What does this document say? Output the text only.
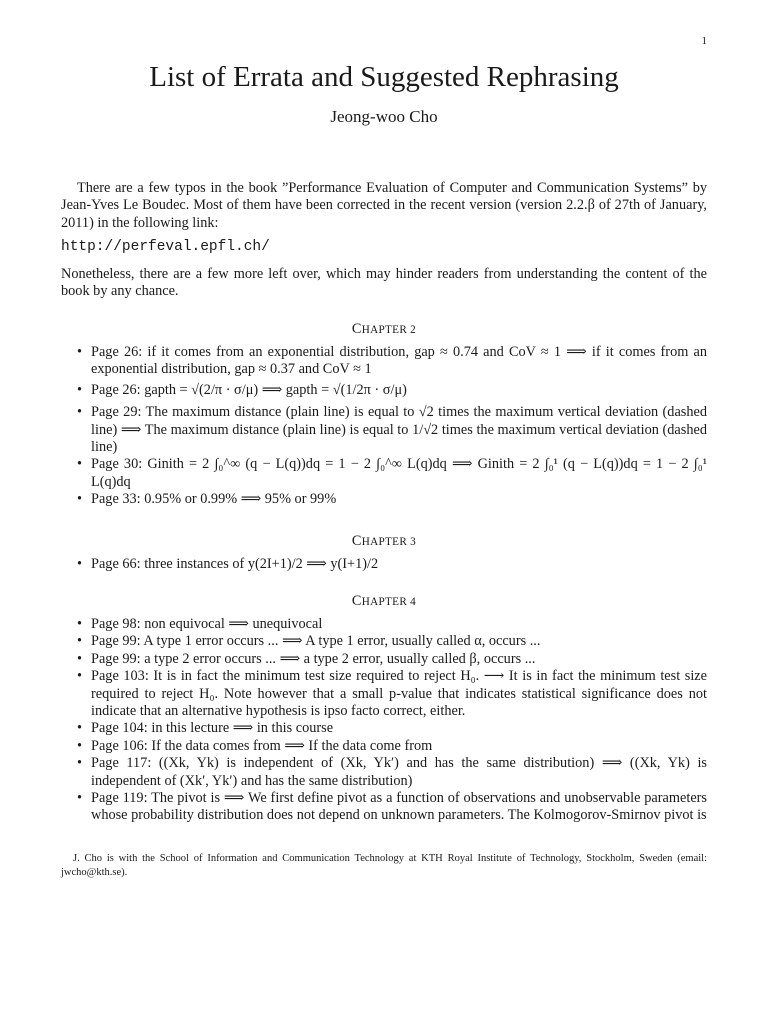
1
List of Errata and Suggested Rephrasing
Jeong-woo Cho
There are a few typos in the book ”Performance Evaluation of Computer and Communication Systems” by Jean-Yves Le Boudec. Most of them have been corrected in the recent version (version 2.2.β of 27th of January, 2011) in the following link:
http://perfeval.epfl.ch/
Nonetheless, there are a few more left over, which may hinder readers from understanding the content of the book by any chance.
CHAPTER 2
• Page 26: if it comes from an exponential distribution, gap ≈ 0.74 and CoV ≈ 1 ⟹ if it comes from an exponential distribution, gap ≈ 0.37 and CoV ≈ 1
• Page 26: gapth = √(2/π · σ/μ) ⟹ gapth = √(1/2π · σ/μ)
• Page 29: The maximum distance (plain line) is equal to √2 times the maximum vertical deviation (dashed line) ⟹ The maximum distance (plain line) is equal to 1/√2 times the maximum vertical deviation (dashed line)
• Page 30: Ginith = 2 ∫₀^∞ (q − L(q))dq = 1 − 2 ∫₀^∞ L(q)dq ⟹ Ginith = 2 ∫₀¹ (q − L(q))dq = 1 − 2 ∫₀¹ L(q)dq
• Page 33: 0.95% or 0.99% ⟹ 95% or 99%
CHAPTER 3
• Page 66: three instances of y(2I+1)/2 ⟹ y(I+1)/2
CHAPTER 4
• Page 98: non equivocal ⟹ unequivocal
• Page 99: A type 1 error occurs ... ⟹ A type 1 error, usually called α, occurs ...
• Page 99: a type 2 error occurs ... ⟹ a type 2 error, usually called β, occurs ...
• Page 103: It is in fact the minimum test size required to reject H₀. ⟶ It is in fact the minimum test size required to reject H₀. Note however that a small p-value that indicates statistical significance does not indicate that an alternative hypothesis is ipso facto correct, either.
• Page 104: in this lecture ⟹ in this course
• Page 106: If the data comes from ⟹ If the data come from
• Page 117: ((Xk, Yk) is independent of (Xk, Yk′) and has the same distribution) ⟹ ((Xk, Yk) is independent of (Xk′, Yk′) and has the same distribution)
• Page 119: The pivot is ⟹ We first define pivot as a function of observations and unobservable parameters whose probability distribution does not depend on unknown parameters. The Kolmogorov-Smirnov pivot is
J. Cho is with the School of Information and Communication Technology at KTH Royal Institute of Technology, Stockholm, Sweden (email: jwcho@kth.se).
